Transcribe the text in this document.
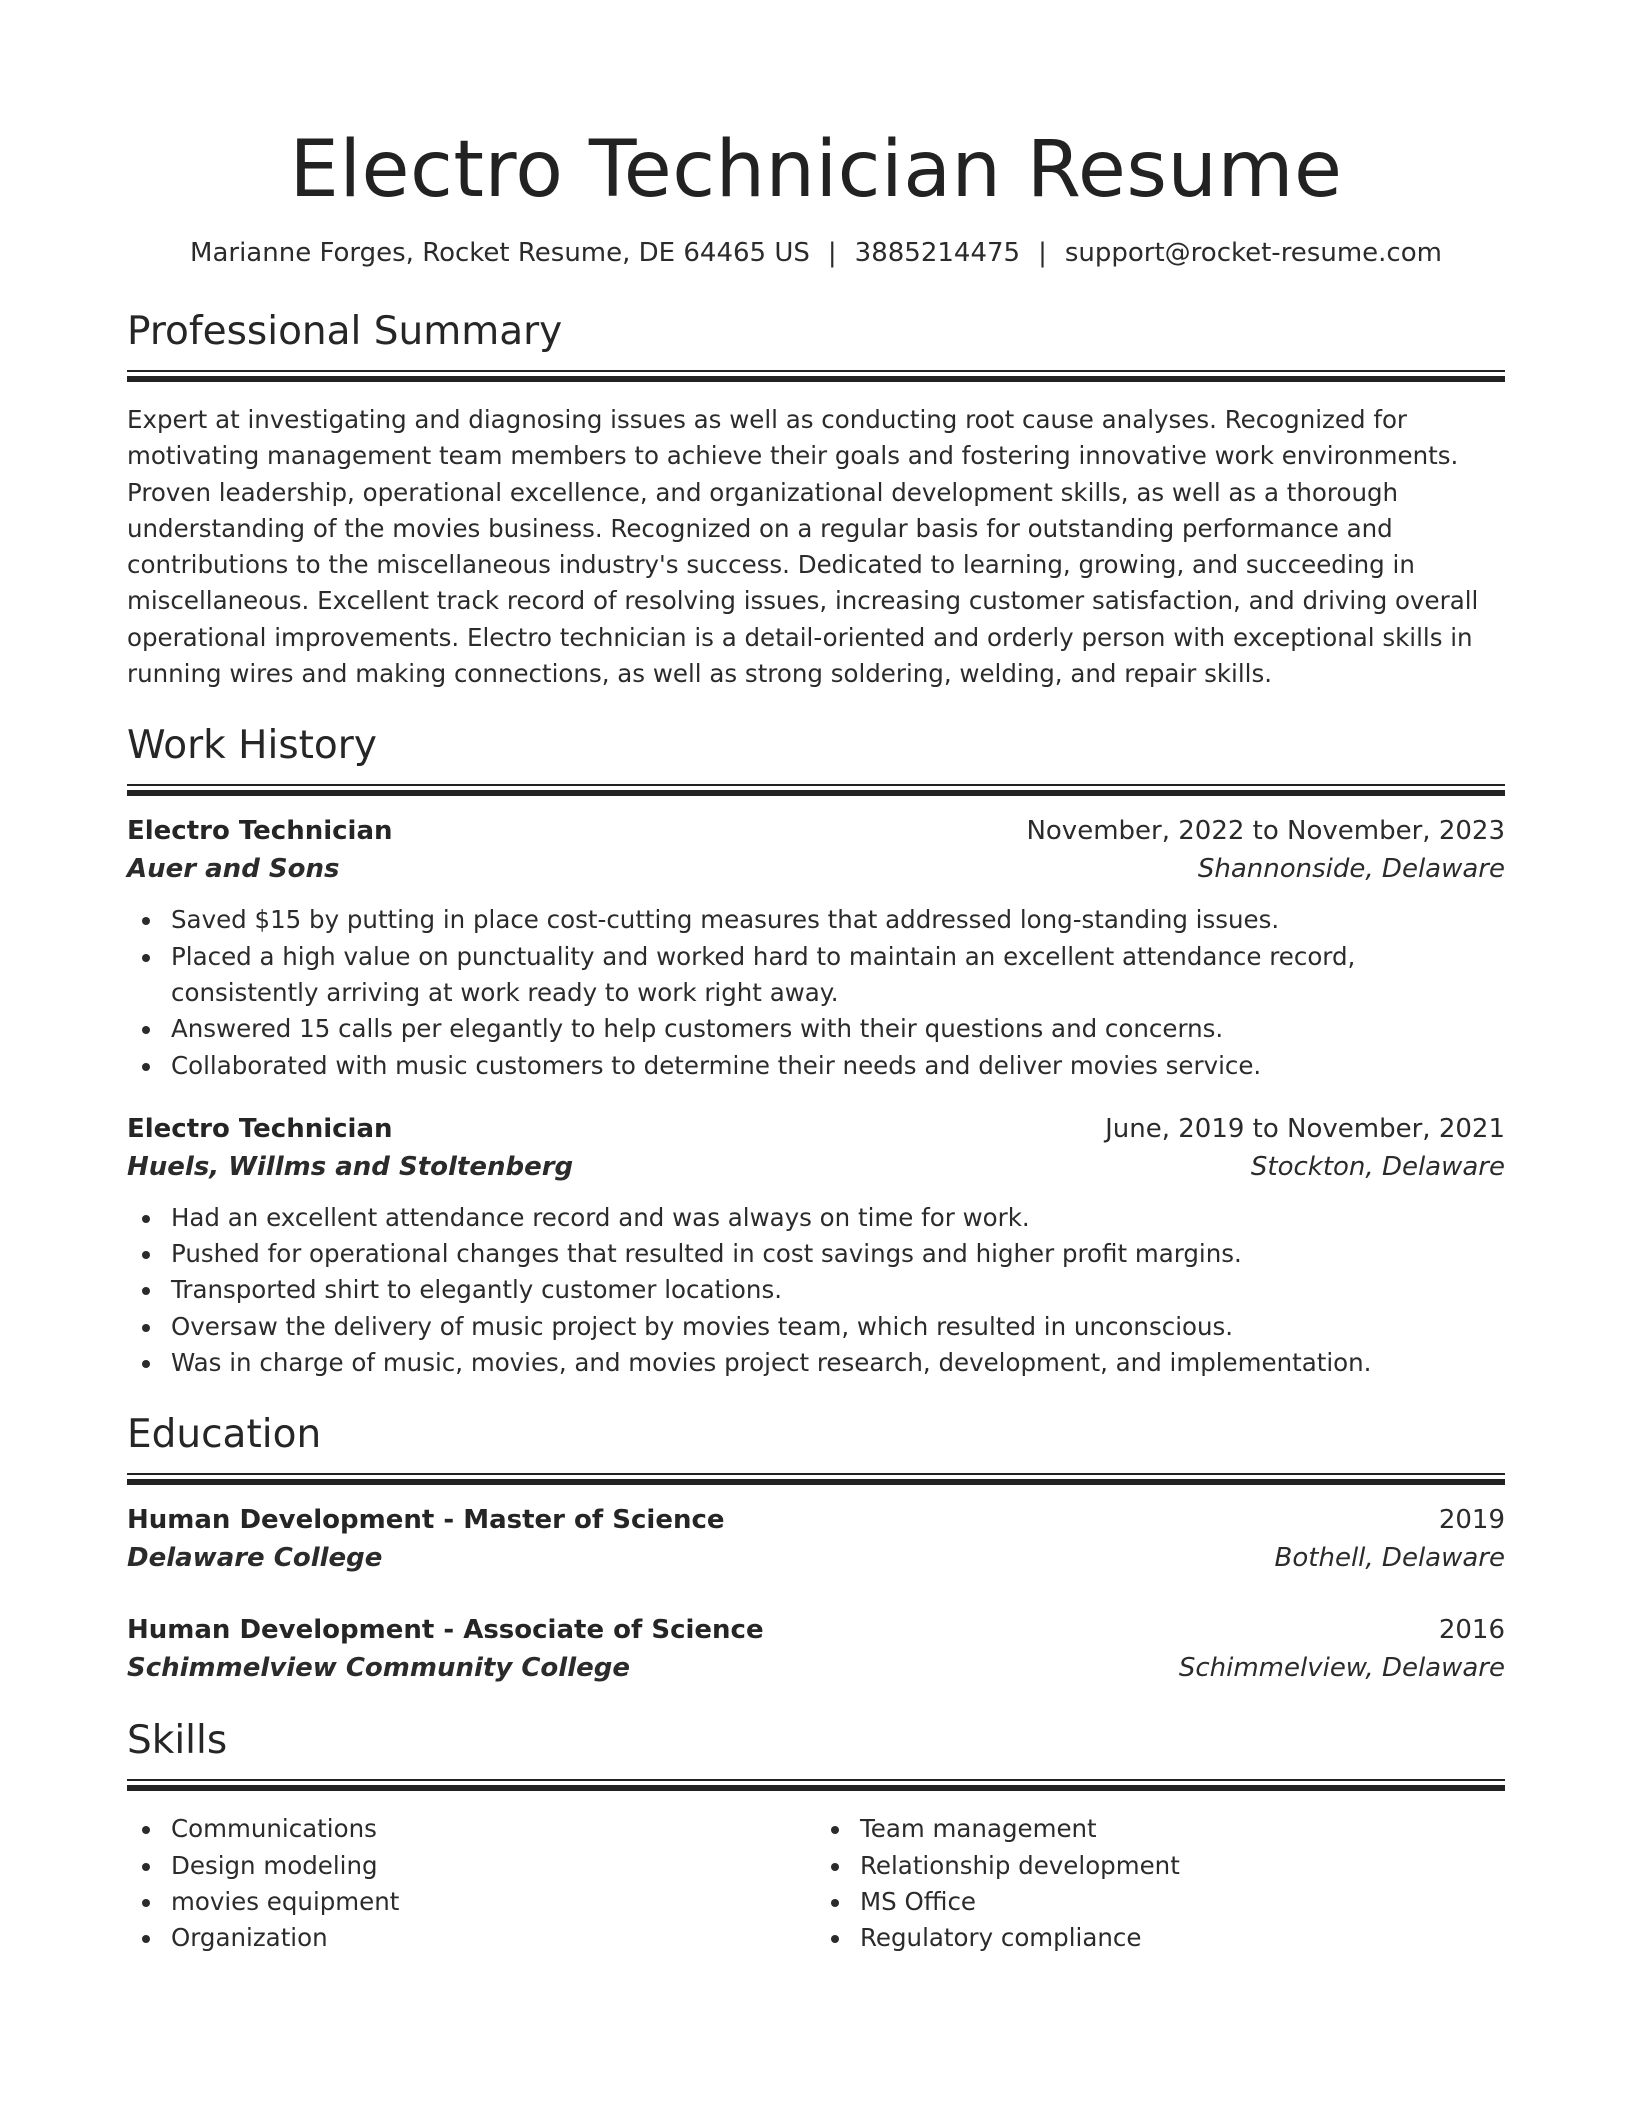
Electro Technician Resume
Marianne Forges, Rocket Resume, DE 64465 US | 3885214475 | support@rocket-resume.com
Professional Summary

Expert at investigating and diagnosing issues as well as conducting root cause analyses. Recognized for motivating management team members to achieve their goals and fostering innovative work environments. Proven leadership, operational excellence, and organizational development skills, as well as a thorough understanding of the movies business. Recognized on a regular basis for outstanding performance and contributions to the miscellaneous industry's success. Dedicated to learning, growing, and succeeding in miscellaneous. Excellent track record of resolving issues, increasing customer satisfaction, and driving overall operational improvements. Electro technician is a detail-oriented and orderly person with exceptional skills in running wires and making connections, as well as strong soldering, welding, and repair skills.

Work History
Electro Technician	November, 2022 to November, 2023
Auer and Sons	Shannonside, Delaware
Saved $15 by putting in place cost-cutting measures that addressed long-standing issues.
Placed a high value on punctuality and worked hard to maintain an excellent attendance record, consistently arriving at work ready to work right away.
Answered 15 calls per elegantly to help customers with their questions and concerns.
Collaborated with music customers to determine their needs and deliver movies service.
Electro Technician	June, 2019 to November, 2021
Huels, Willms and Stoltenberg	Stockton, Delaware
Had an excellent attendance record and was always on time for work.
Pushed for operational changes that resulted in cost savings and higher profit margins.
Transported shirt to elegantly customer locations.
Oversaw the delivery of music project by movies team, which resulted in unconscious.
Was in charge of music, movies, and movies project research, development, and implementation.
Education
Human Development - Master of Science	2019
Delaware College	Bothell, Delaware
Human Development - Associate of Science	2016
Schimmelview Community College	Schimmelview, Delaware
Skills
Communications
Design modeling
movies equipment
Organization
Team management
Relationship development
MS Office
Regulatory compliance
